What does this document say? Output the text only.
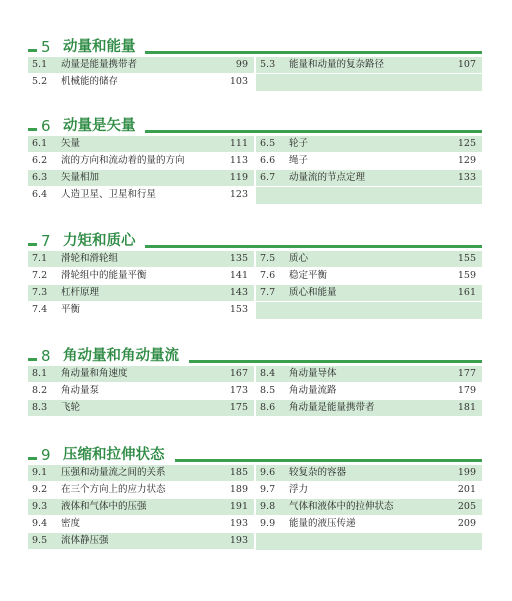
5 动量和能量
5.1 动量是能量携带者	99
5.2 机械能的储存	103
5.3 能量和动量的复杂路径	107
6 动量是矢量
6.1 矢量	111
6.2 流的方向和流动着的量的方向	113
6.3 矢量相加	119
6.4 人造卫星、卫星和行星	123
6.5 轮子	125
6.6 绳子	129
6.7 动量流的节点定理	133
7 力矩和质心
7.1 滑轮和滑轮组	135
7.2 滑轮组中的能量平衡	141
7.3 杠杆原理	143
7.4 平衡	153
7.5 质心	155
7.6 稳定平衡	159
7.7 质心和能量	161
8 角动量和角动量流
8.1 角动量和角速度	167
8.2 角动量泵	173
8.3 飞轮	175
8.4 角动量导体	177
8.5 角动量流路	179
8.6 角动量是能量携带者	181
9 压缩和拉伸状态
9.1 压强和动量流之间的关系	185
9.2 在三个方向上的应力状态	189
9.3 液体和气体中的压强	191
9.4 密度	193
9.5 流体静压强	193
9.6 较复杂的容器	199
9.7 浮力	201
9.8 气体和液体中的拉伸状态	205
9.9 能量的液压传递	209
